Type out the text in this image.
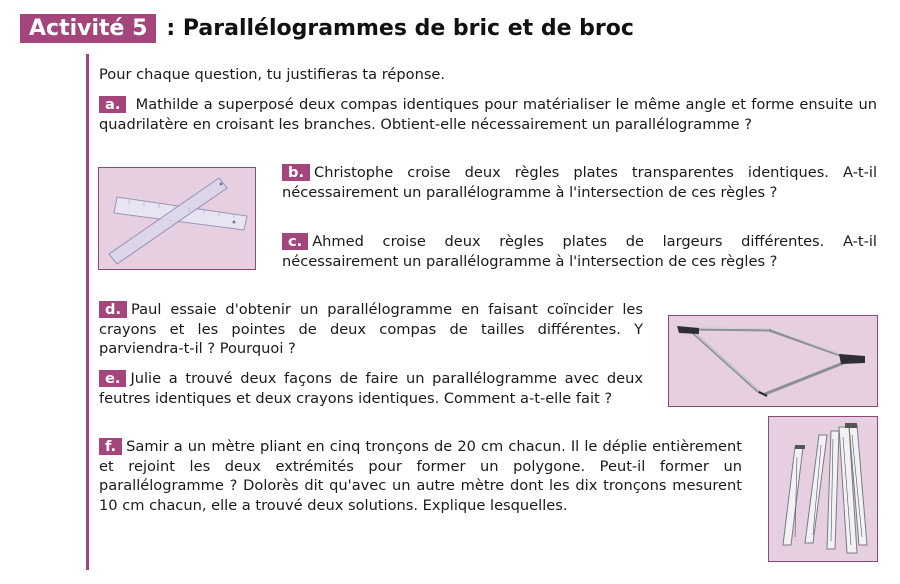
Activité 5 : Parallélogrammes de bric et de broc

Pour chaque question, tu justifieras ta réponse.

a. Mathilde a superposé deux compas identiques pour matérialiser le même angle et forme ensuite un quadrilatère en croisant les branches. Obtient-elle nécessairement un parallélogramme ?

b. Christophe croise deux règles plates transparentes identiques. A-t-il nécessairement un parallélogramme à l'intersection de ces règles ?

c. Ahmed croise deux règles plates de largeurs différentes. A-t-il nécessairement un parallélogramme à l'intersection de ces règles ?

d. Paul essaie d'obtenir un parallélogramme en faisant coïncider les crayons et les pointes de deux compas de tailles différentes. Y parviendra-t-il ? Pourquoi ?

e. Julie a trouvé deux façons de faire un parallélogramme avec deux feutres identiques et deux crayons identiques. Comment a-t-elle fait ?

f. Samir a un mètre pliant en cinq tronçons de 20 cm chacun. Il le déplie entièrement et rejoint les deux extrémités pour former un polygone. Peut-il former un parallélogramme ? Dolorès dit qu'avec un autre mètre dont les dix tronçons mesurent 10 cm chacun, elle a trouvé deux solutions. Explique lesquelles.
